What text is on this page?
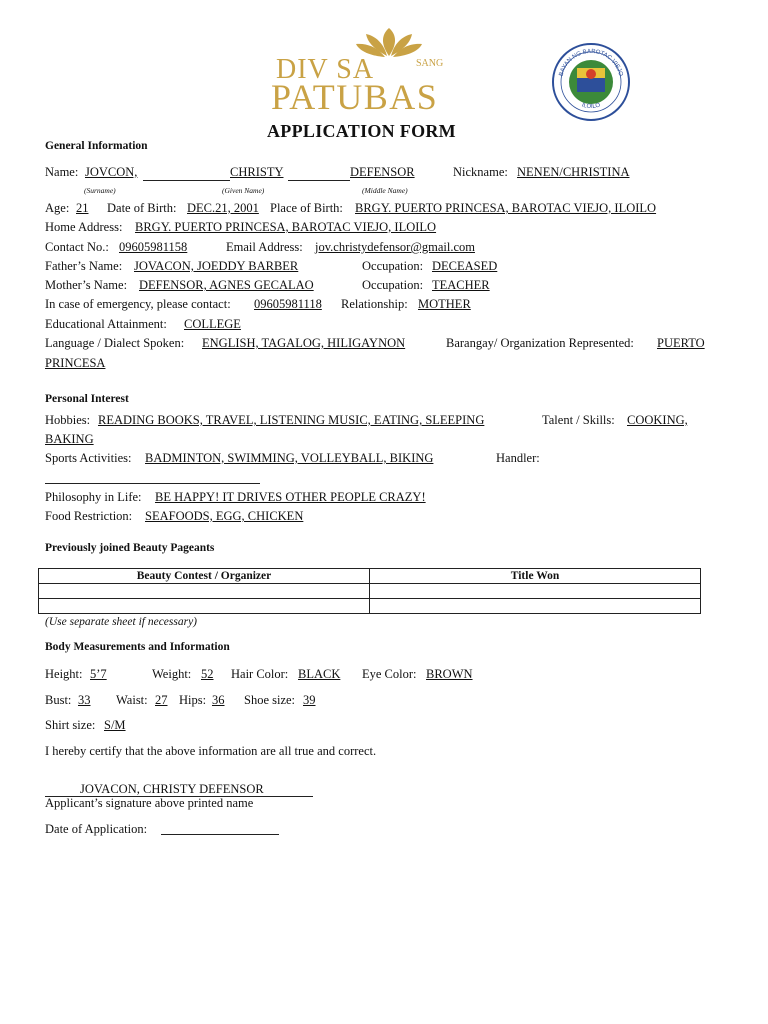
DIV SA	SANG
PATUBAS
BAYAN NG BAROTAC VIEJO
ILOILO
APPLICATION FORM
General Information
Name: JOVCON,	CHRISTY	DEFENSOR	Nickname: NENEN/CHRISTINA
(Surname)	(Given Name)	(Middle Name)
Age: 21 Date of Birth: DEC.21, 2001 Place of Birth: BRGY. PUERTO PRINCESA, BAROTAC VIEJO, ILOILO
Home Address: BRGY. PUERTO PRINCESA, BAROTAC VIEJO, ILOILO
Contact No.: 09605981158	Email Address: jov.christydefensor@gmail.com
Father’s Name: JOVACON, JOEDDY BARBER	Occupation: DECEASED
Mother’s Name: DEFENSOR, AGNES GECALAO	Occupation: TEACHER
In case of emergency, please contact: 09605981118 Relationship: MOTHER
Educational Attainment: COLLEGE
Language / Dialect Spoken: ENGLISH, TAGALOG, HILIGAYNON	Barangay/ Organization Represented: PUERTO
PRINCESA
Personal Interest
Hobbies: READING BOOKS, TRAVEL, LISTENING MUSIC, EATING, SLEEPING	Talent / Skills: COOKING,
BAKING
Sports Activities: BADMINTON, SWIMMING, VOLLEYBALL, BIKING	Handler:
Philosophy in Life: BE HAPPY! IT DRIVES OTHER PEOPLE CRAZY!
Food Restriction: SEAFOODS, EGG, CHICKEN
Previously joined Beauty Pageants
Beauty Contest / Organizer	Title Won

(Use separate sheet if necessary)
Body Measurements and Information
Height: 5’7	Weight: 52 Hair Color: BLACK Eye Color: BROWN
Bust: 33 Waist: 27 Hips: 36 Shoe size: 39
Shirt size: S/M
I hereby certify that the above information are all true and correct.
JOVACON, CHRISTY DEFENSOR
Applicant’s signature above printed name
Date of Application:
